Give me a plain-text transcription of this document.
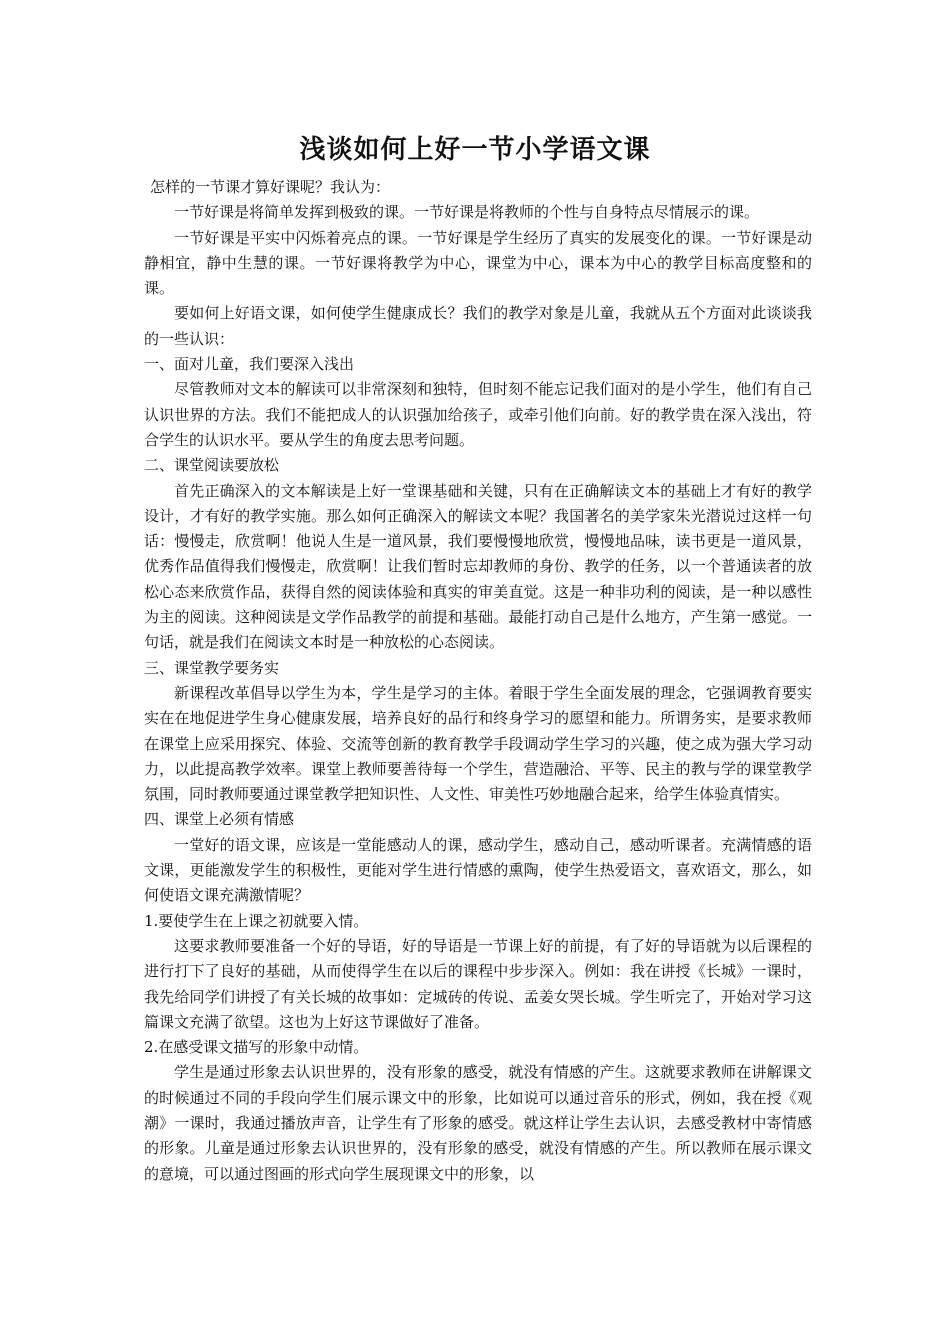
浅谈如何上好一节小学语文课

怎样的一节课才算好课呢？我认为：

一节好课是将简单发挥到极致的课。一节好课是将教师的个性与自身特点尽情展示的课。

一节好课是平实中闪烁着亮点的课。一节好课是学生经历了真实的发展变化的课。一节好课是动静相宜，静中生慧的课。一节好课将教学为中心，课堂为中心，课本为中心的教学目标高度整和的课。

要如何上好语文课，如何使学生健康成长？我们的教学对象是儿童，我就从五个方面对此谈谈我的一些认识：

一、面对儿童，我们要深入浅出

尽管教师对文本的解读可以非常深刻和独特，但时刻不能忘记我们面对的是小学生，他们有自己认识世界的方法。我们不能把成人的认识强加给孩子，或牵引他们向前。好的教学贵在深入浅出，符合学生的认识水平。要从学生的角度去思考问题。

二、课堂阅读要放松

首先正确深入的文本解读是上好一堂课基础和关键，只有在正确解读文本的基础上才有好的教学设计，才有好的教学实施。那么如何正确深入的解读文本呢？我国著名的美学家朱光潜说过这样一句话：慢慢走，欣赏啊！他说人生是一道风景，我们要慢慢地欣赏，慢慢地品味，读书更是一道风景，优秀作品值得我们慢慢走，欣赏啊！让我们暂时忘却教师的身份、教学的任务，以一个普通读者的放松心态来欣赏作品，获得自然的阅读体验和真实的审美直觉。这是一种非功利的阅读，是一种以感性为主的阅读。这种阅读是文学作品教学的前提和基础。最能打动自己是什么地方，产生第一感觉。一句话，就是我们在阅读文本时是一种放松的心态阅读。

三、课堂教学要务实

新课程改革倡导以学生为本，学生是学习的主体。着眼于学生全面发展的理念，它强调教育要实实在在地促进学生身心健康发展，培养良好的品行和终身学习的愿望和能力。所谓务实，是要求教师在课堂上应采用探究、体验、交流等创新的教育教学手段调动学生学习的兴趣，使之成为强大学习动力，以此提高教学效率。课堂上教师要善待每一个学生，营造融洽、平等、民主的教与学的课堂教学氛围，同时教师要通过课堂教学把知识性、人文性、审美性巧妙地融合起来，给学生体验真情实。

四、课堂上必须有情感

一堂好的语文课，应该是一堂能感动人的课，感动学生，感动自己，感动听课者。充满情感的语文课，更能激发学生的积极性，更能对学生进行情感的熏陶，使学生热爱语文，喜欢语文，那么，如何使语文课充满激情呢？

1.要使学生在上课之初就要入情。

这要求教师要准备一个好的导语，好的导语是一节课上好的前提，有了好的导语就为以后课程的进行打下了良好的基础，从而使得学生在以后的课程中步步深入。例如：我在讲授《长城》一课时，我先给同学们讲授了有关长城的故事如：定城砖的传说、孟姜女哭长城。学生听完了，开始对学习这篇课文充满了欲望。这也为上好这节课做好了准备。

2.在感受课文描写的形象中动情。

学生是通过形象去认识世界的，没有形象的感受，就没有情感的产生。这就要求教师在讲解课文的时候通过不同的手段向学生们展示课文中的形象，比如说可以通过音乐的形式，例如，我在授《观潮》一课时，我通过播放声音，让学生有了形象的感受。就这样让学生去认识，去感受教材中寄情感的形象。儿童是通过形象去认识世界的，没有形象的感受，就没有情感的产生。所以教师在展示课文的意境，可以通过图画的形式向学生展现课文中的形象，以
